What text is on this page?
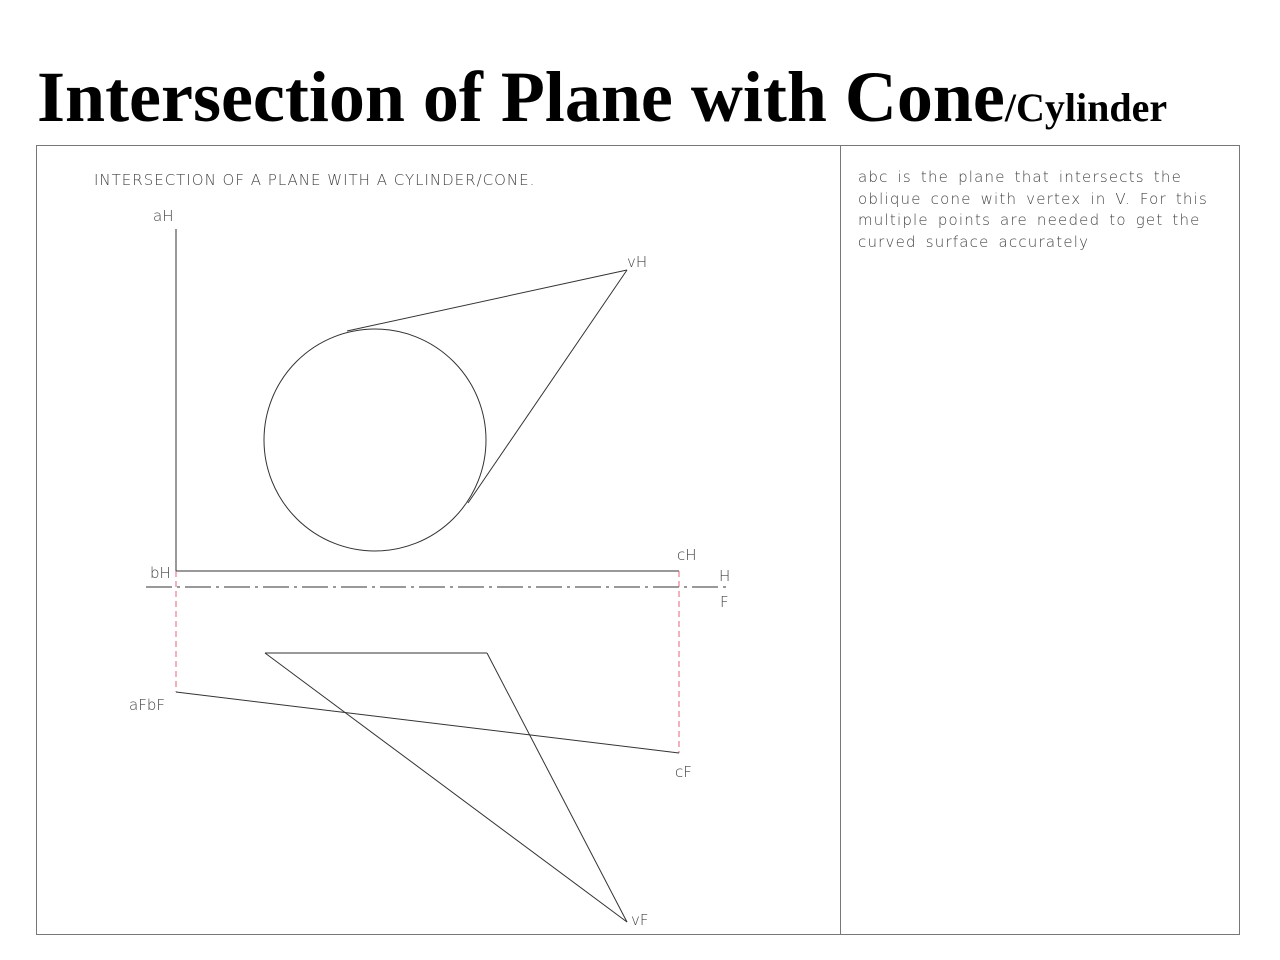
Intersection of Plane with Cone/Cylinder
INTERSECTION OF A PLANE WITH A CYLINDER/CONE.
aH
vH
bH
cH
H
F
aFbF
cF
vF

abc is the plane that intersects the oblique cone with vertex in V. For this multiple points are needed to get the curved surface accurately
